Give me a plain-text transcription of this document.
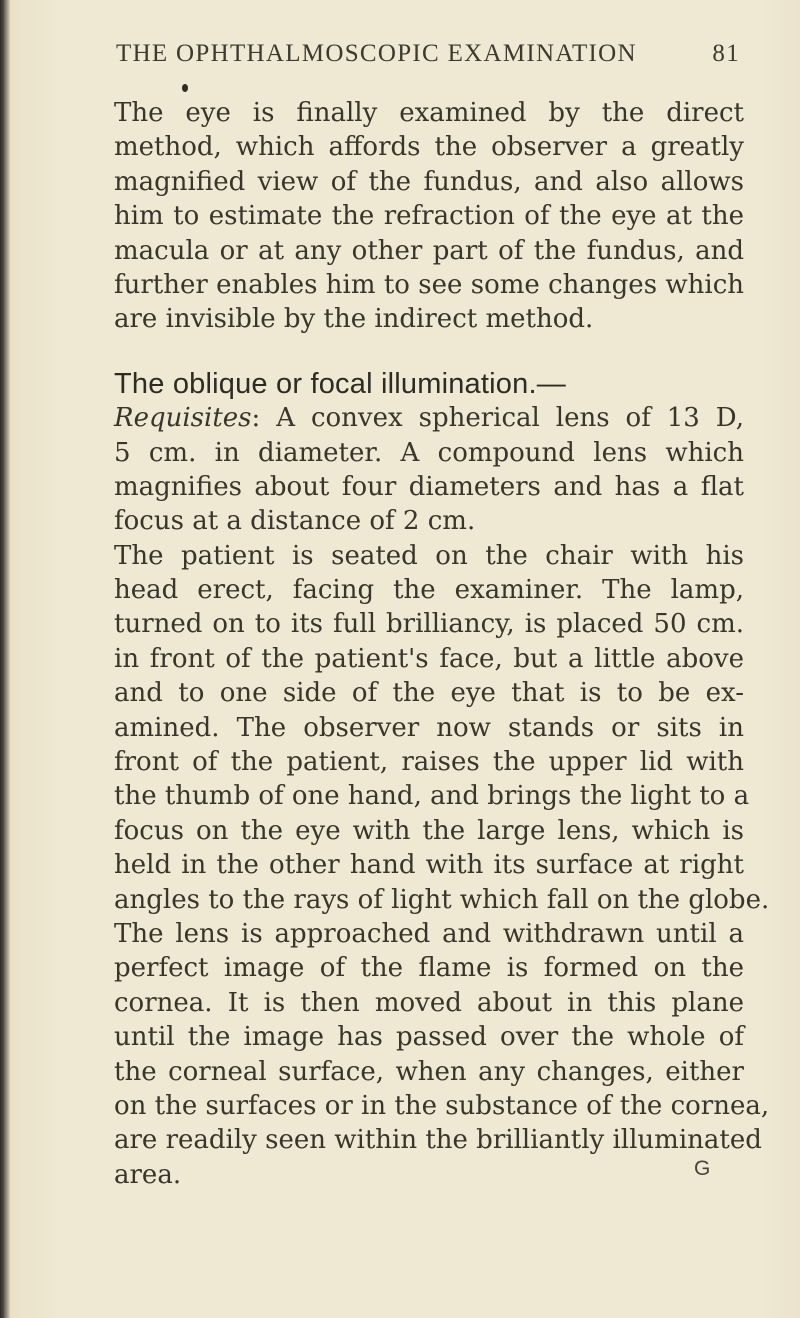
THE OPHTHALMOSCOPIC EXAMINATION	81
The eye is finally examined by the direct
method, which affords the observer a greatly
magnified view of the fundus, and also allows
him to estimate the refraction of the eye at the
macula or at any other part of the fundus, and
further enables him to see some changes which
are invisible by the indirect method.
The oblique or focal illumination.—
Requisites: A convex spherical lens of 13 D,
5 cm. in diameter. A compound lens which
magnifies about four diameters and has a flat
focus at a distance of 2 cm.
The patient is seated on the chair with his
head erect, facing the examiner. The lamp,
turned on to its full brilliancy, is placed 50 cm.
in front of the patient's face, but a little above
and to one side of the eye that is to be ex-
amined. The observer now stands or sits in
front of the patient, raises the upper lid with
the thumb of one hand, and brings the light to a
focus on the eye with the large lens, which is
held in the other hand with its surface at right
angles to the rays of light which fall on the globe.
The lens is approached and withdrawn until a
perfect image of the flame is formed on the
cornea. It is then moved about in this plane
until the image has passed over the whole of
the corneal surface, when any changes, either
on the surfaces or in the substance of the cornea,
are readily seen within the brilliantly illuminated
area.	G
